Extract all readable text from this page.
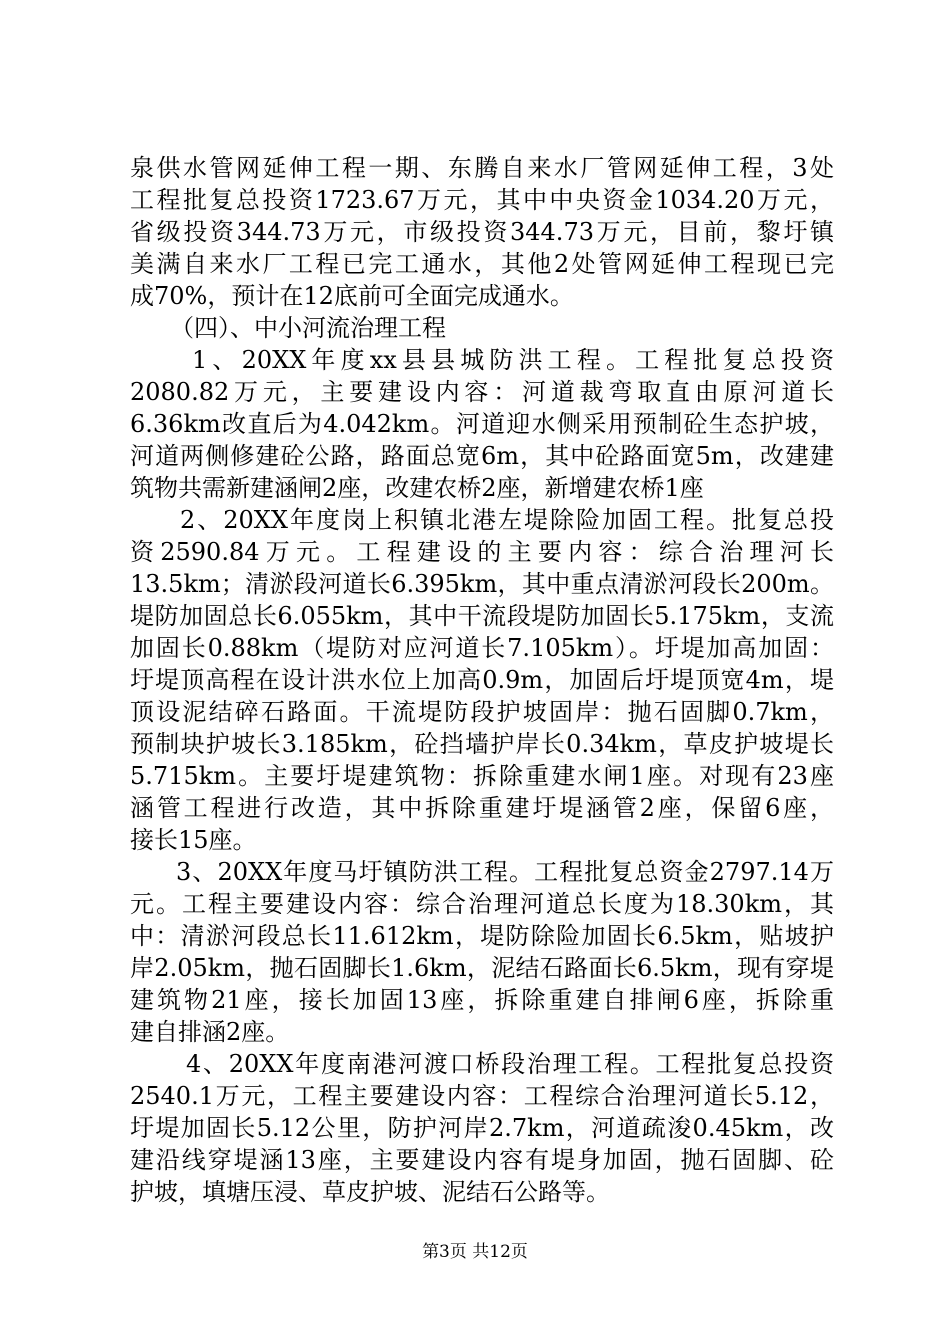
泉供水管网延伸工程一期、东腾自来水厂管网延伸工程，3处
工程批复总投资1723.67万元，其中中央资金1034.20万元，
省级投资344.73万元，市级投资344.73万元，目前，黎圩镇
美满自来水厂工程已完工通水，其他2处管网延伸工程现已完
成70%，预计在12底前可全面完成通水。
（四）、中小河流治理工程
1、20XX年度xx县县城防洪工程。工程批复总投资
2080.82万元，主要建设内容：河道裁弯取直由原河道长
6.36km改直后为4.042km。河道迎水侧采用预制砼生态护坡，
河道两侧修建砼公路，路面总宽6m，其中砼路面宽5m，改建建
筑物共需新建涵闸2座，改建农桥2座，新增建农桥1座
2、20XX年度岗上积镇北港左堤除险加固工程。批复总投
资2590.84万元。工程建设的主要内容：综合治理河长
13.5km；清淤段河道长6.395km，其中重点清淤河段长200m。
堤防加固总长6.055km，其中干流段堤防加固长5.175km，支流
加固长0.88km（堤防对应河道长7.105km）。圩堤加高加固：
圩堤顶高程在设计洪水位上加高0.9m，加固后圩堤顶宽4m，堤
顶设泥结碎石路面。干流堤防段护坡固岸：抛石固脚0.7km，
预制块护坡长3.185km，砼挡墙护岸长0.34km，草皮护坡堤长
5.715km。主要圩堤建筑物：拆除重建水闸1座。对现有23座
涵管工程进行改造，其中拆除重建圩堤涵管2座，保留6座，
接长15座。
3、20XX年度马圩镇防洪工程。工程批复总资金2797.14万
元。工程主要建设内容：综合治理河道总长度为18.30km，其
中：清淤河段总长11.612km，堤防除险加固长6.5km，贴坡护
岸2.05km，抛石固脚长1.6km，泥结石路面长6.5km，现有穿堤
建筑物21座，接长加固13座，拆除重建自排闸6座，拆除重
建自排涵2座。
4、20XX年度南港河渡口桥段治理工程。工程批复总投资
2540.1万元，工程主要建设内容：工程综合治理河道长5.12，
圩堤加固长5.12公里，防护河岸2.7km，河道疏浚0.45km，改
建沿线穿堤涵13座，主要建设内容有堤身加固，抛石固脚、砼
护坡，填塘压浸、草皮护坡、泥结石公路等。
第3页 共12页
